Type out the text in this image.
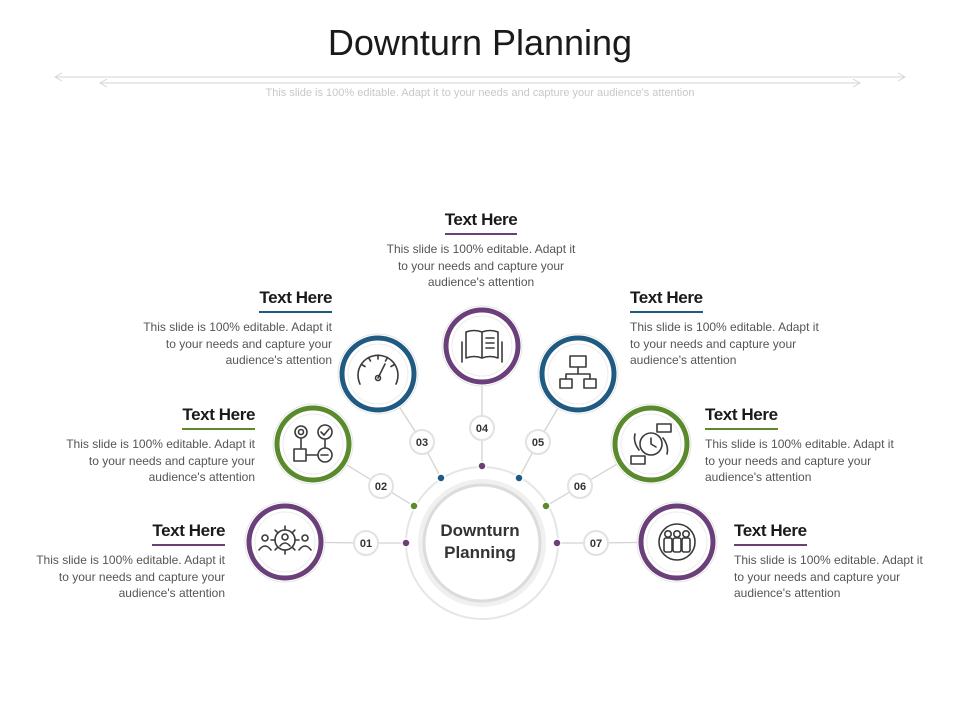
Downturn Planning
01
02
03
04
05
06
07
This slide is 100% editable. Adapt it to your needs and capture your audience's attention
Downturn
Planning
Text Here
This slide is 100% editable. Adapt it to your needs and capture your audience's attention
Text Here
This slide is 100% editable. Adapt it to your needs and capture your audience's attention
Text Here
This slide is 100% editable. Adapt it to your needs and capture your audience's attention
Text Here
This slide is 100% editable. Adapt it to your needs and capture your audience's attention
Text Here
This slide is 100% editable. Adapt it to your needs and capture your audience's attention
Text Here
This slide is 100% editable. Adapt it to your needs and capture your audience's attention
Text Here
This slide is 100% editable. Adapt it to your needs and capture your audience's attention
